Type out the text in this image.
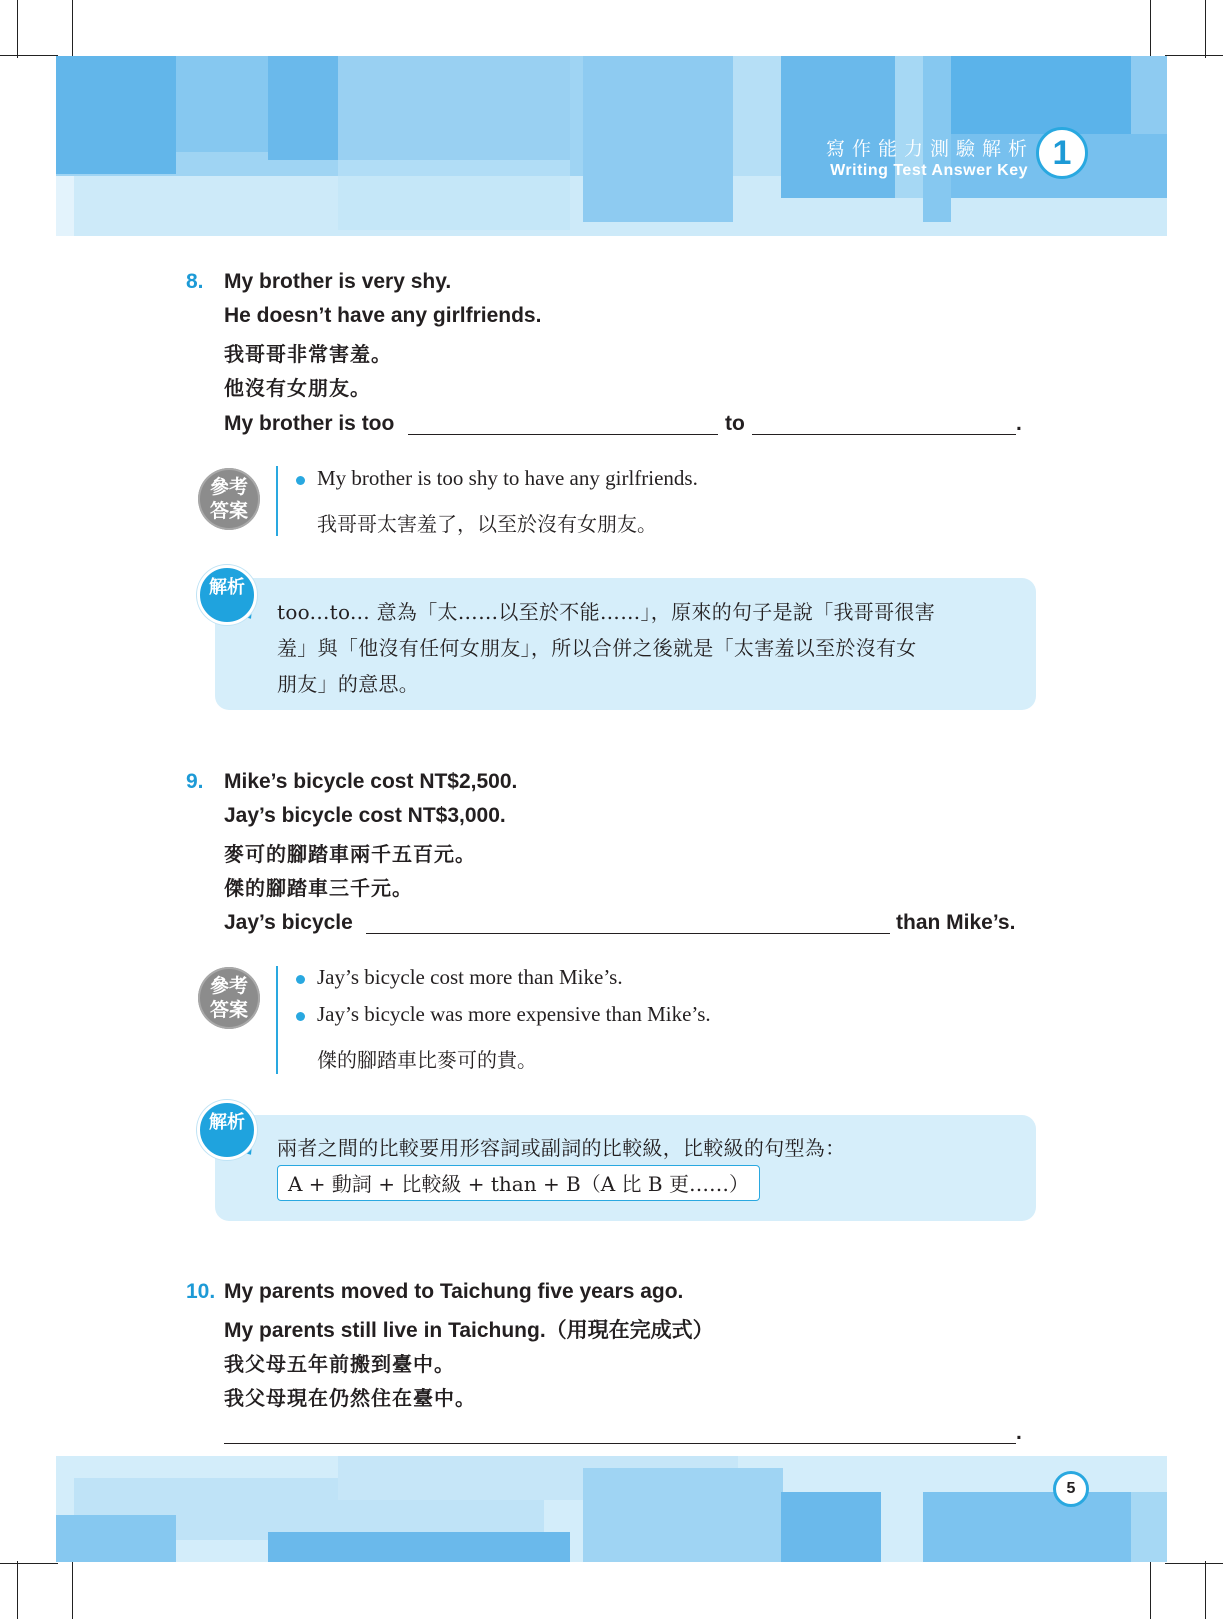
寫作能力測驗解析
Writing Test Answer Key 1
5
8. My brother is very shy.
He doesn’t have any girlfriends.
我哥哥非常害羞。
他沒有女朋友。
My brother is too	to	.
參考
答案
My brother is too shy to have any girlfriends.
我哥哥太害羞了，以至於沒有女朋友。
解析
too...to... 意為「太……以至於不能……」，原來的句子是說「我哥哥很害
羞」與「他沒有任何女朋友」，所以合併之後就是「太害羞以至於沒有女
朋友」的意思。
9. Mike’s bicycle cost NT$2,500.
Jay’s bicycle cost NT$3,000.
麥可的腳踏車兩千五百元。
傑的腳踏車三千元。
Jay’s bicycle	than Mike’s.
參考
答案
Jay’s bicycle cost more than Mike’s.
Jay’s bicycle was more expensive than Mike’s.
傑的腳踏車比麥可的貴。
解析
兩者之間的比較要用形容詞或副詞的比較級，比較級的句型為：
A + 動詞 + 比較級 + than + B（A 比 B 更……）
10. My parents moved to Taichung five years ago.
My parents still live in Taichung.（用現在完成式）
我父母五年前搬到臺中。
我父母現在仍然住在臺中。
.
